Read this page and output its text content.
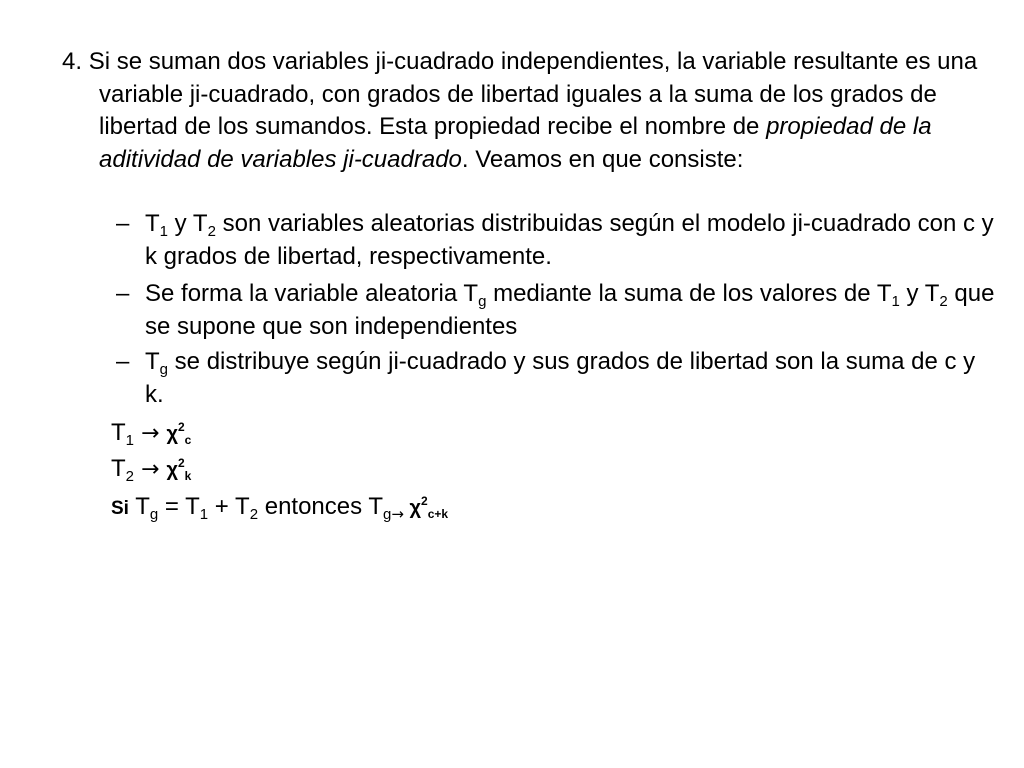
4. Si se suman dos variables ji-cuadrado independientes, la variable resultante es una variable ji-cuadrado, con grados de libertad iguales a la suma de los grados de libertad de los sumandos. Esta propiedad recibe el nombre de propiedad de la aditividad de variables ji-cuadrado. Veamos en que consiste:
– $T_1$ y $T_2$ son variables aleatorias distribuidas según el modelo ji-cuadrado con c y k grados de libertad, respectivamente.
– Se forma la variable aleatoria $T_g$ mediante la suma de los valores de $T_1$ y $T_2$ que se supone que son independientes
– $T_g$ se distribuye según ji-cuadrado y sus grados de libertad son la suma de c y k.
$T_1 \to \chi^2_c$
$T_2 \to \chi^2_k$
Si $T_g = T_1 + T_2$ entonces $T_{g\to}$ $\chi^2_{c+k}$
